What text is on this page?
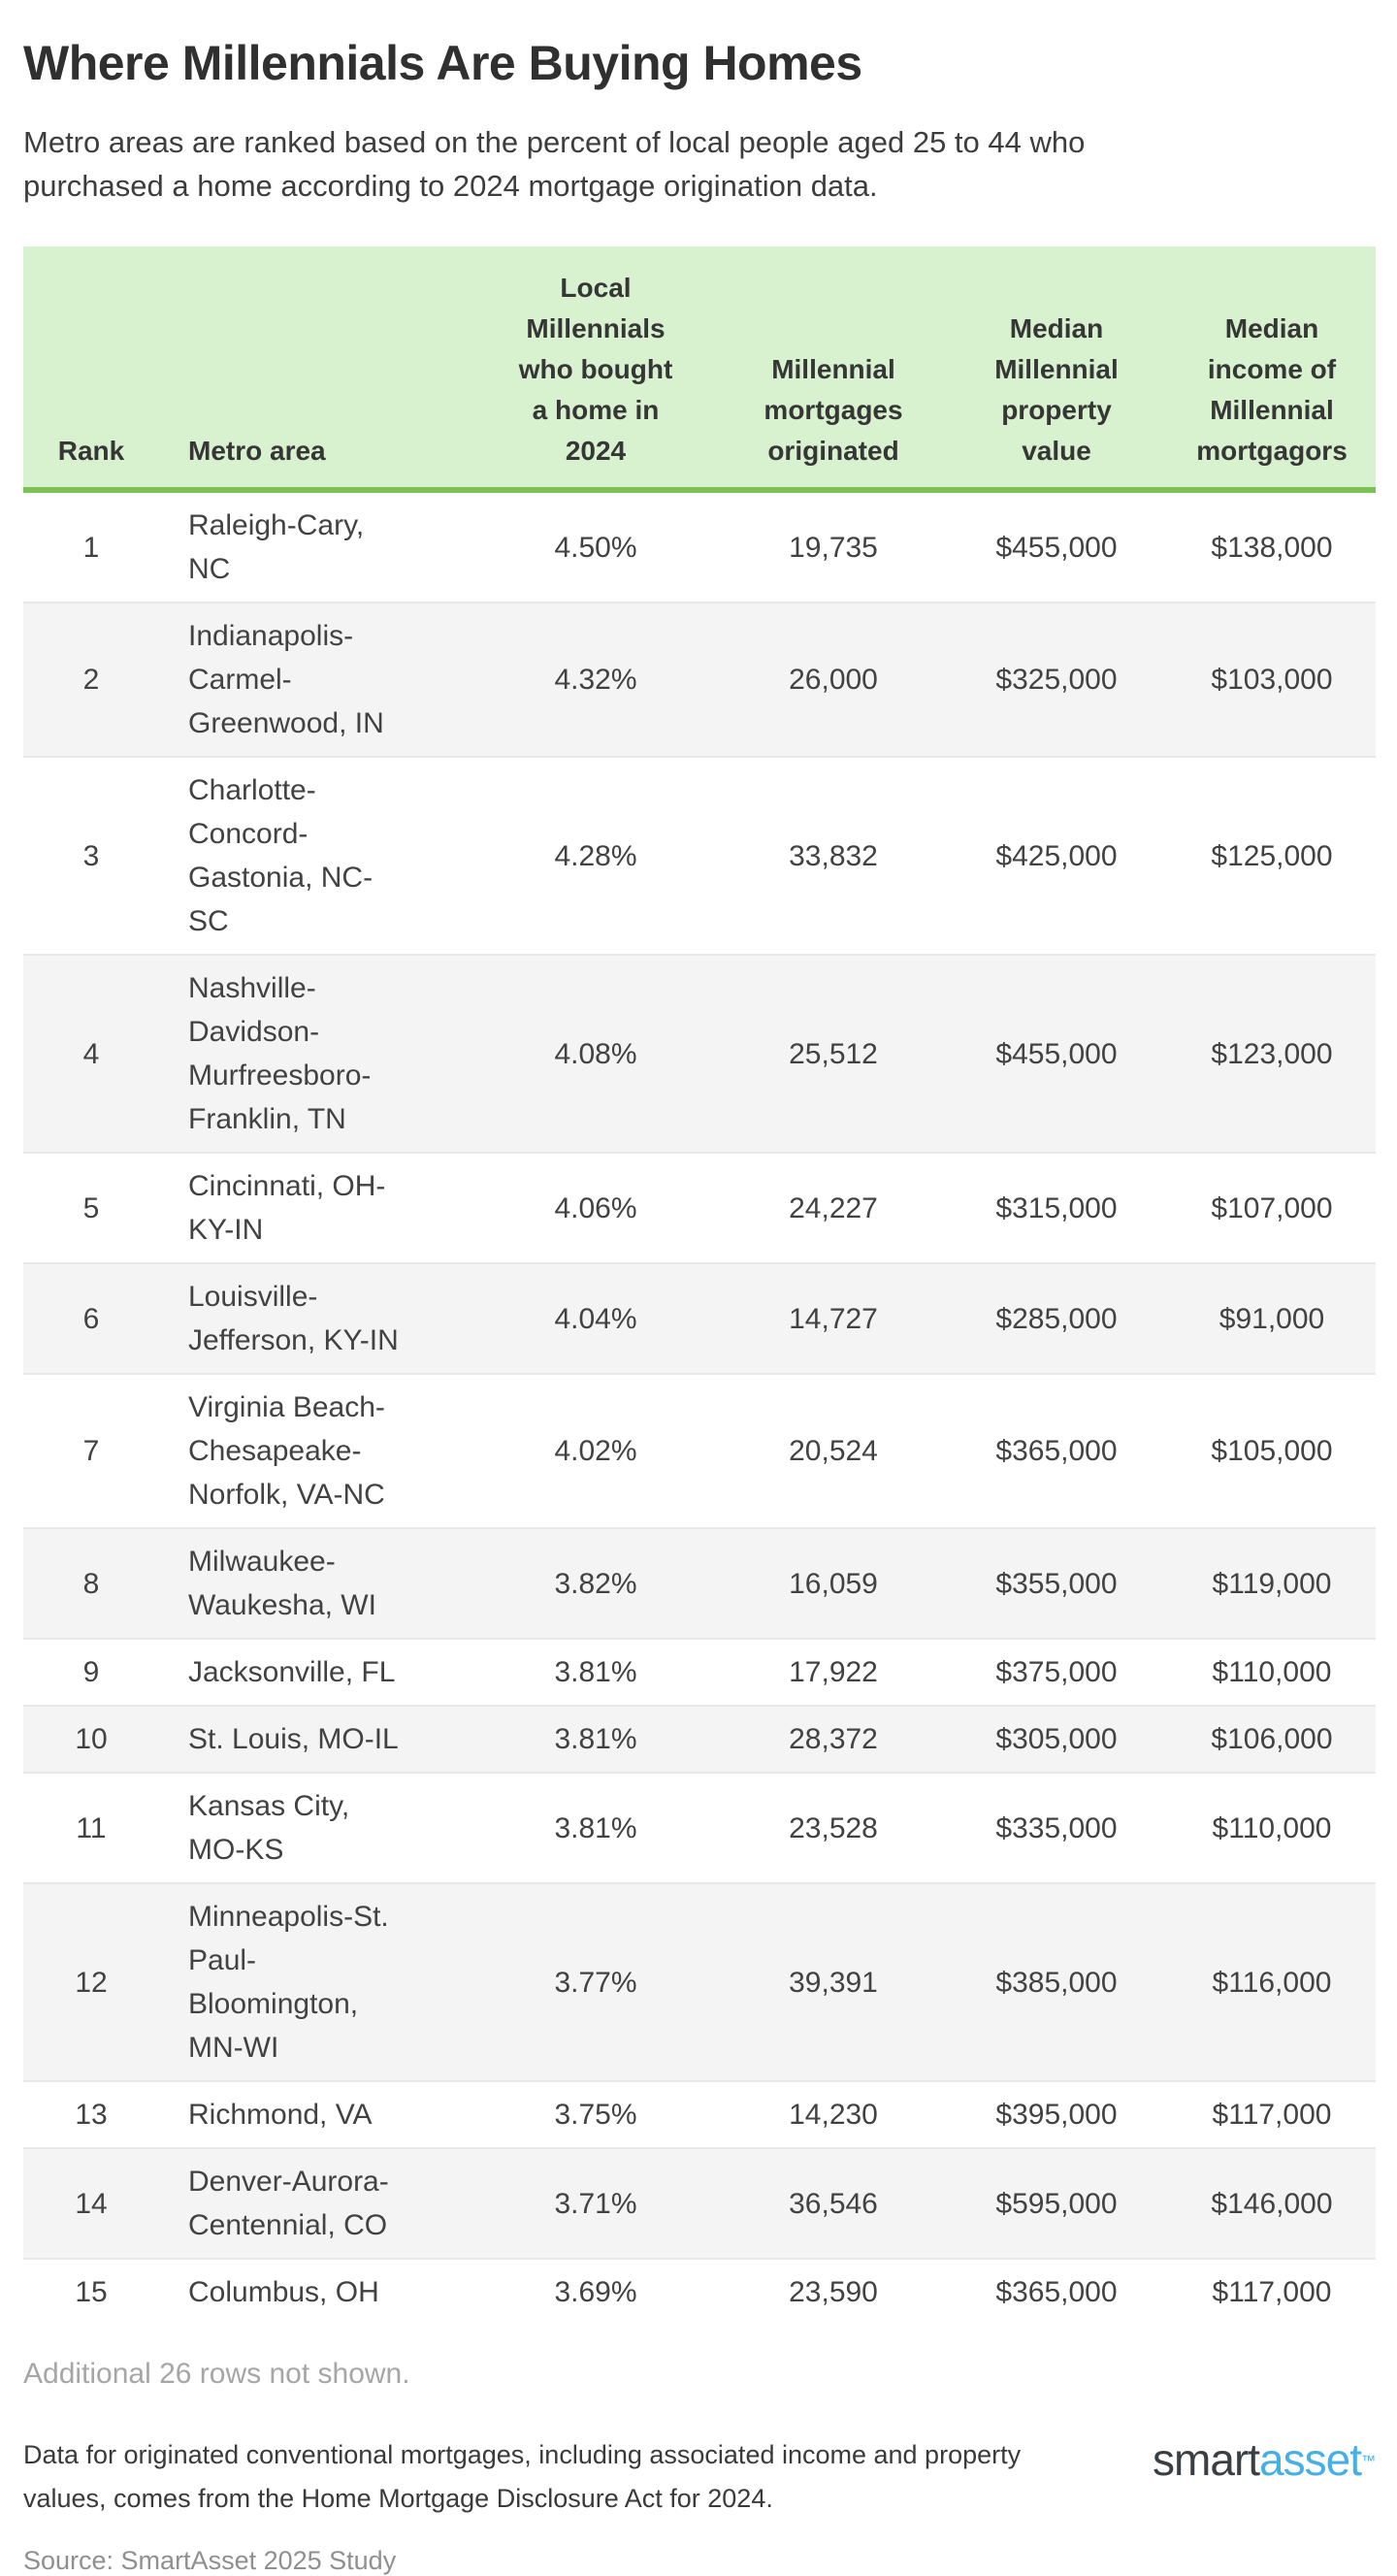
Where Millennials Are Buying Homes

Metro areas are ranked based on the percent of local people aged 25 to 44 who
purchased a home according to 2024 mortgage origination data.

Rank	Metro area	Local
Millennials
who bought
a home in
2024	Millennial
mortgages
originated	Median
Millennial
property
value	Median
income of
Millennial
mortgagors
1	Raleigh-Cary,
NC	4.50%	19,735	$455,000	$138,000
2	Indianapolis-
Carmel-
Greenwood, IN	4.32%	26,000	$325,000	$103,000
3	Charlotte-
Concord-
Gastonia, NC-
SC	4.28%	33,832	$425,000	$125,000
4	Nashville-
Davidson-
Murfreesboro-
Franklin, TN	4.08%	25,512	$455,000	$123,000
5	Cincinnati, OH-
KY-IN	4.06%	24,227	$315,000	$107,000
6	Louisville-
Jefferson, KY-IN	4.04%	14,727	$285,000	$91,000
7	Virginia Beach-
Chesapeake-
Norfolk, VA-NC	4.02%	20,524	$365,000	$105,000
8	Milwaukee-
Waukesha, WI	3.82%	16,059	$355,000	$119,000
9	Jacksonville, FL	3.81%	17,922	$375,000	$110,000
10	St. Louis, MO-IL	3.81%	28,372	$305,000	$106,000
11	Kansas City,
MO-KS	3.81%	23,528	$335,000	$110,000
12	Minneapolis-St.
Paul-
Bloomington,
MN-WI	3.77%	39,391	$385,000	$116,000
13	Richmond, VA	3.75%	14,230	$395,000	$117,000
14	Denver-Aurora-
Centennial, CO	3.71%	36,546	$595,000	$146,000
15	Columbus, OH	3.69%	23,590	$365,000	$117,000

Additional 26 rows not shown.

Data for originated conventional mortgages, including associated income and property
values, comes from the Home Mortgage Disclosure Act for 2024.

smart asset ™

Source: SmartAsset 2025 Study
